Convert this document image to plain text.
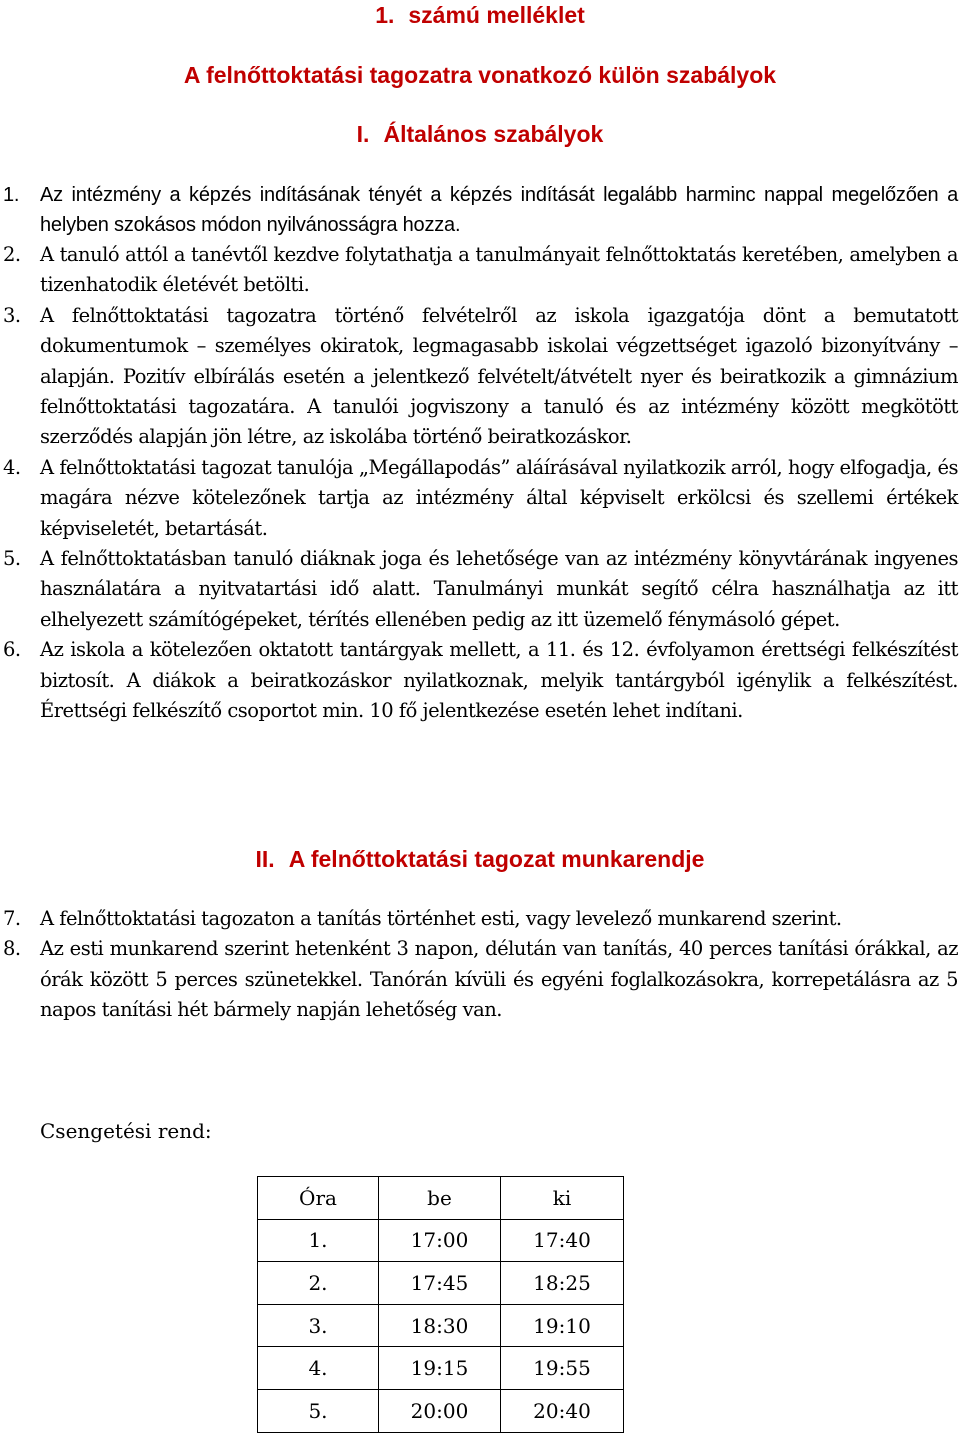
1. számú melléklet
A felnőttoktatási tagozatra vonatkozó külön szabályok
I. Általános szabályok
1. Az intézmény a képzés indításának tényét a képzés indítását legalább harminc nappal megelőzően a helyben szokásos módon nyilvánosságra hozza.
2. A tanuló attól a tanévtől kezdve folytathatja a tanulmányait felnőttoktatás keretében, amelyben a tizenhatodik életévét betölti.
3. A felnőttoktatási tagozatra történő felvételről az iskola igazgatója dönt a bemutatott dokumentumok – személyes okiratok, legmagasabb iskolai végzettséget igazoló bizonyítvány – alapján. Pozitív elbírálás esetén a jelentkező felvételt/átvételt nyer és beiratkozik a gimnázium felnőttoktatási tagozatára. A tanulói jogviszony a tanuló és az intézmény között megkötött szerződés alapján jön létre, az iskolába történő beiratkozáskor.
4. A felnőttoktatási tagozat tanulója „Megállapodás” aláírásával nyilatkozik arról, hogy elfogadja, és magára nézve kötelezőnek tartja az intézmény által képviselt erkölcsi és szellemi értékek képviseletét, betartását.
5. A felnőttoktatásban tanuló diáknak joga és lehetősége van az intézmény könyvtárának ingyenes használatára a nyitvatartási idő alatt. Tanulmányi munkát segítő célra használhatja az itt elhelyezett számítógépeket, térítés ellenében pedig az itt üzemelő fénymásoló gépet.
6. Az iskola a kötelezően oktatott tantárgyak mellett, a 11. és 12. évfolyamon érettségi felkészítést biztosít. A diákok a beiratkozáskor nyilatkoznak, melyik tantárgyból igénylik a felkészítést. Érettségi felkészítő csoportot min. 10 fő jelentkezése esetén lehet indítani.
II. A felnőttoktatási tagozat munkarendje
7. A felnőttoktatási tagozaton a tanítás történhet esti, vagy levelező munkarend szerint.
8. Az esti munkarend szerint hetenként 3 napon, délután van tanítás, 40 perces tanítási órákkal, az órák között 5 perces szünetekkel. Tanórán kívüli és egyéni foglalkozásokra, korrepetálásra az 5 napos tanítási hét bármely napján lehetőség van.

Csengetési rend:

Óra	be	ki
1.	17:00	17:40
2.	17:45	18:25
3.	18:30	19:10
4.	19:15	19:55
5.	20:00	20:40
